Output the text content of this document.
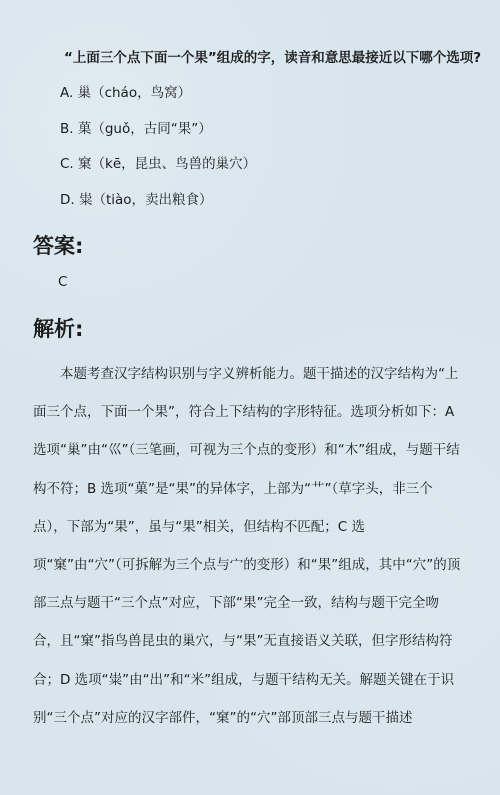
“上面三个点下面一个果”组成的字，读音和意思最接近以下哪个选项?
A. 巢（cháo，鸟窝）
B. 菓（guǒ，古同“果”）
C. 窠（kē，昆虫、鸟兽的巢穴）
D. 粜（tiào，卖出粮食）
答案:
C
解析:
本题考查汉字结构识别与字义辨析能力。题干描述的汉字结构为“上面三个点，下面一个果”，符合上下结构的字形特征。选项分析如下：A 选项“巢”由“巛”（三笔画，可视为三个点的变形）和“木”组成，与题干结构不符；B 选项“菓”是“果”的异体字，上部为“艹”（草字头，非三个点），下部为“果”，虽与“果”相关，但结构不匹配；C 选项“窠”由“穴”（可拆解为三个点与宀的变形）和“果”组成，其中“穴”的顶部三点与题干“三个点”对应，下部“果”完全一致，结构与题干完全吻合，且“窠”指鸟兽昆虫的巢穴，与“果”无直接语义关联，但字形结构符合；D 选项“粜”由“出”和“米”组成，与题干结构无关。解题关键在于识别“三个点”对应的汉字部件，“窠”的“穴”部顶部三点与题干描述
